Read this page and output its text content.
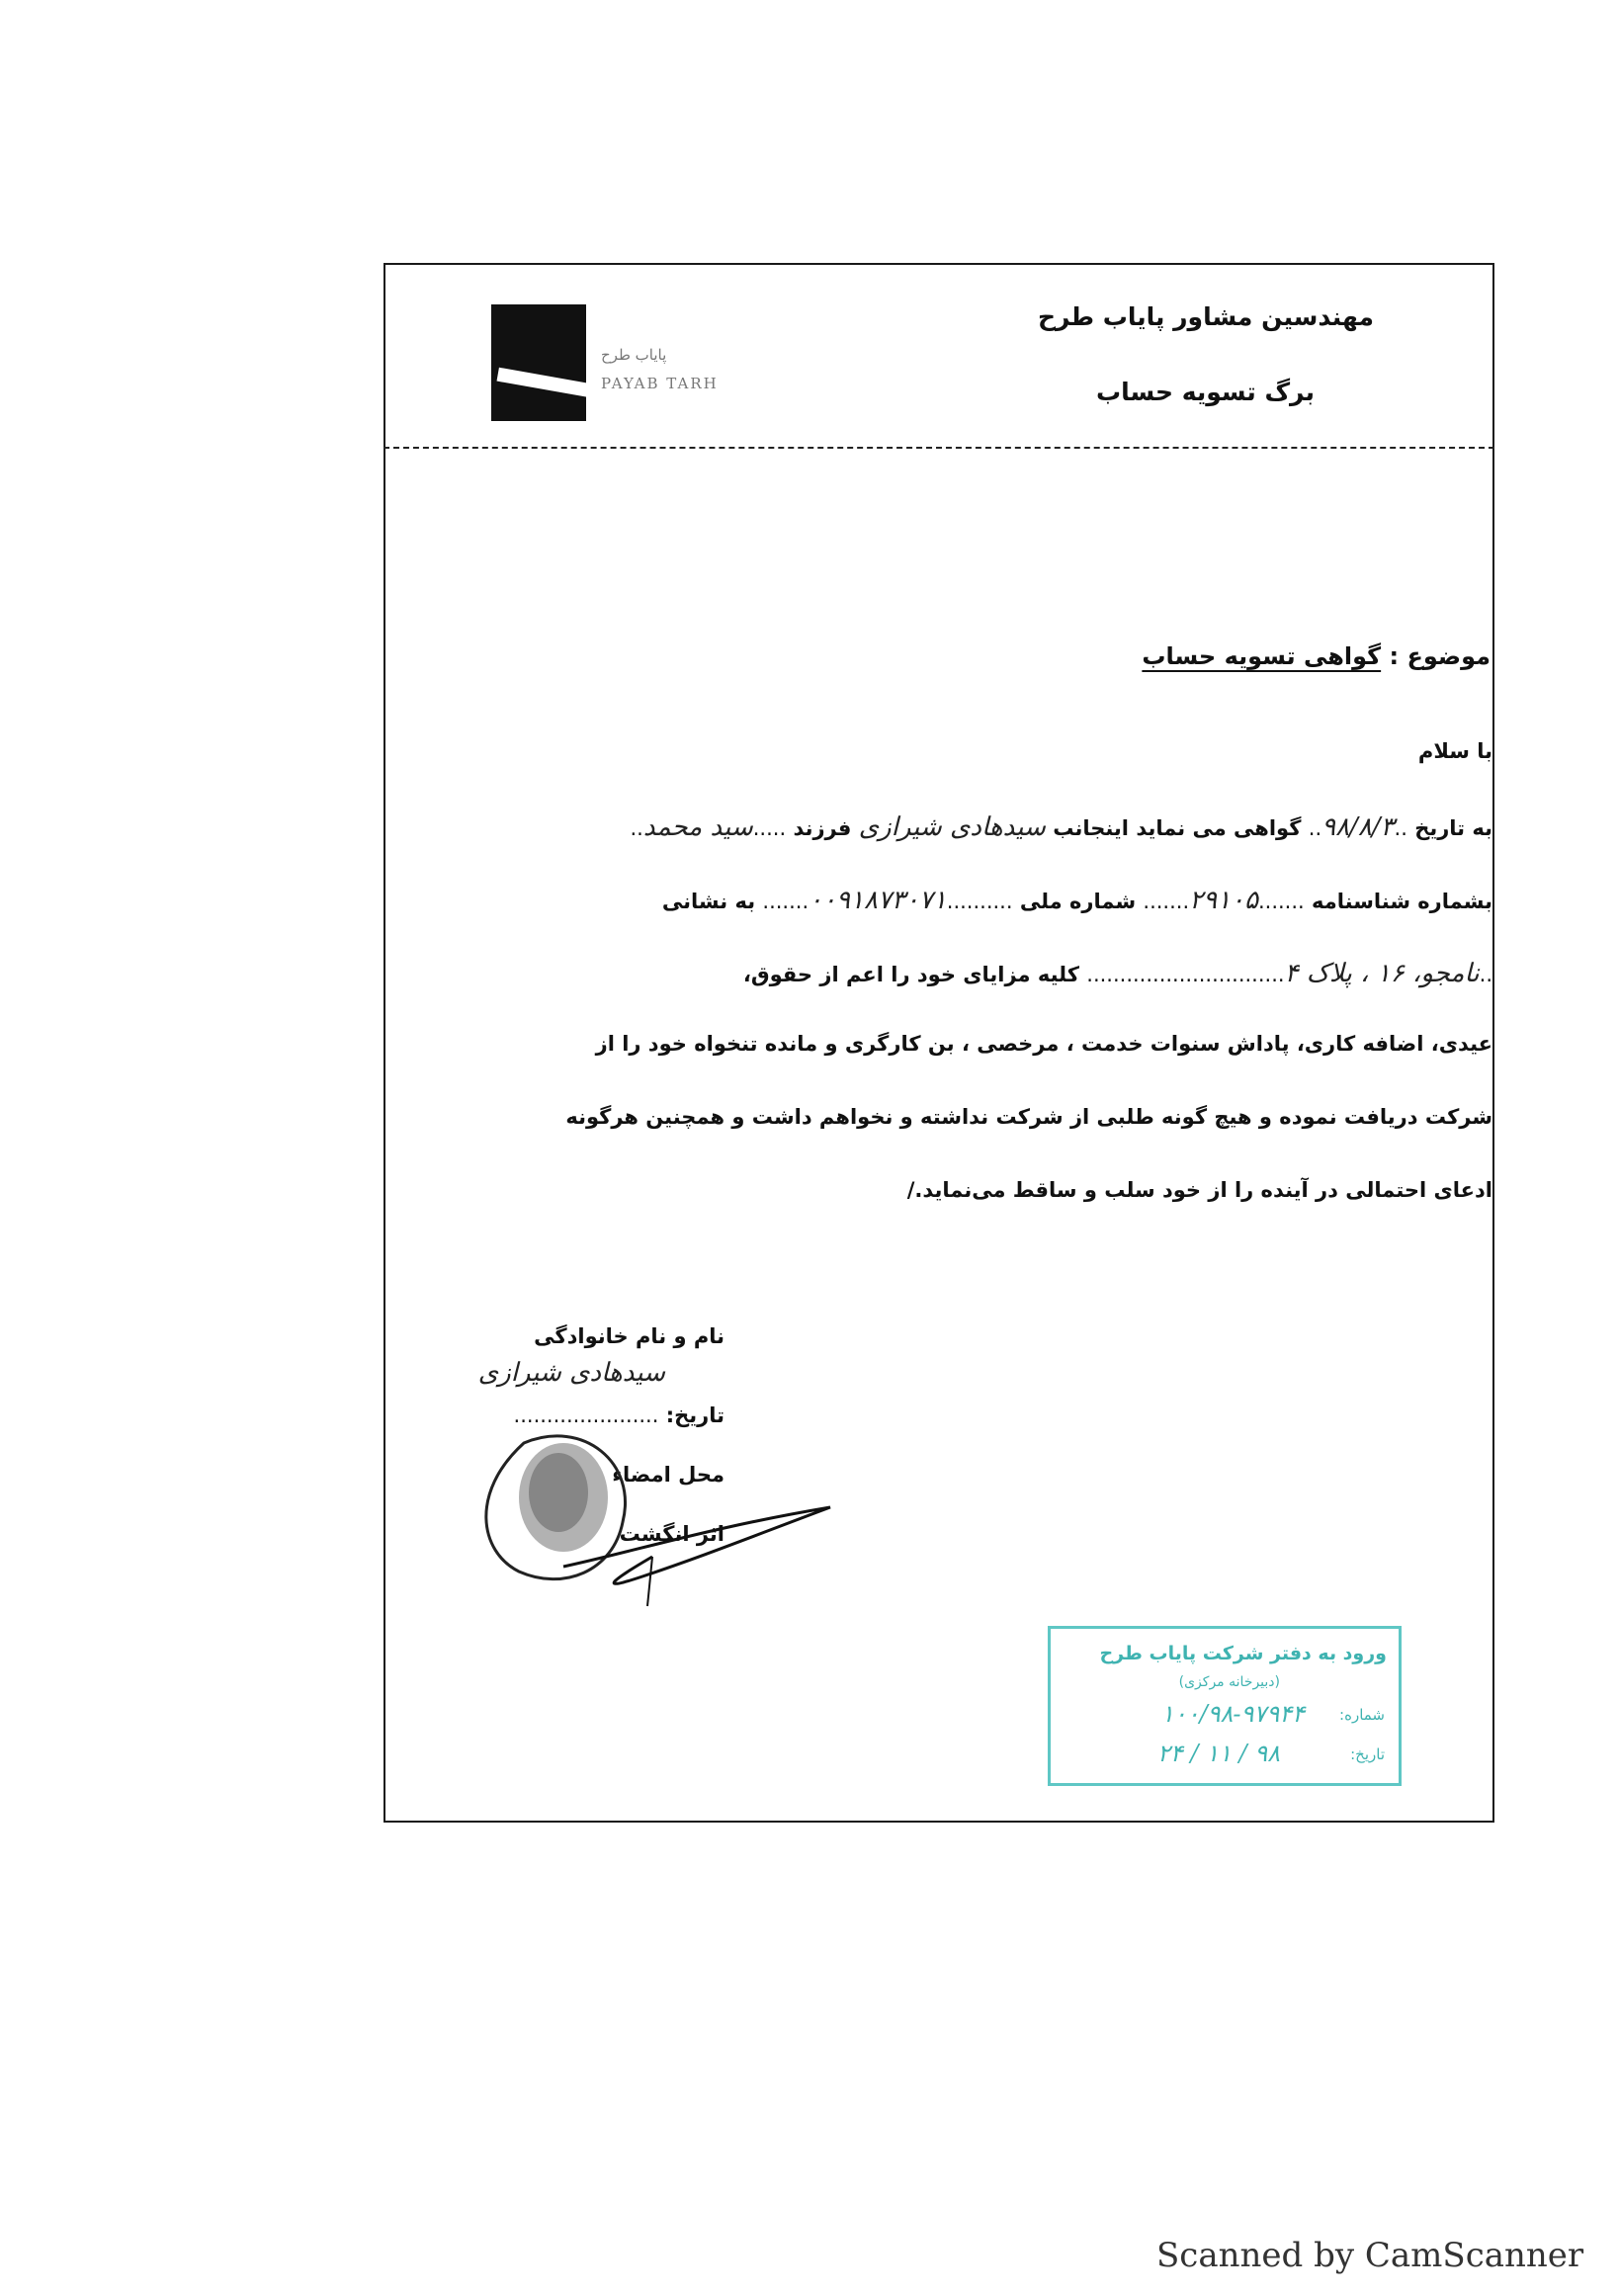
پایاب طرح
PAYAB TARH
مهندسین مشاور پایاب طرح
برگ تسویه حساب
موضوع : گواهی تسویه حساب
با سلام
به تاریخ ..۹۸/۸/۳.. گواهی می نماید اینجانب سیدهادی شیرازی فرزند .....سید محمد..
بشماره شناسنامه .......۲۹۱۰۵....... شماره ملی ..........۰۰۹۱۸۷۳۰۷۱....... به نشانی
..نامجو، ۱۶ ، پلاک ۴.............................. کلیه مزایای خود را اعم از حقوق،
عیدی، اضافه کاری، پاداش سنوات خدمت ، مرخصی ، بن کارگری و مانده تنخواه خود را از
شرکت دریافت نموده و هیچ گونه طلبی از شرکت نداشته و نخواهم داشت و همچنین هرگونه
ادعای احتمالی در آینده را از خود سلب و ساقط می‌نماید./
نام و نام خانوادگی
سیدهادی شیرازی
تاریخ: ......................
محل امضاء
اثر انگشت
ورود به دفتر شرکت پایاب طرح
(دبیرخانه مرکزی)
شماره:
۱۰۰/۹۸-۹۷۹۴۴
تاریخ:
۹۸ / ۱۱ / ۲۴
Scanned by CamScanner
